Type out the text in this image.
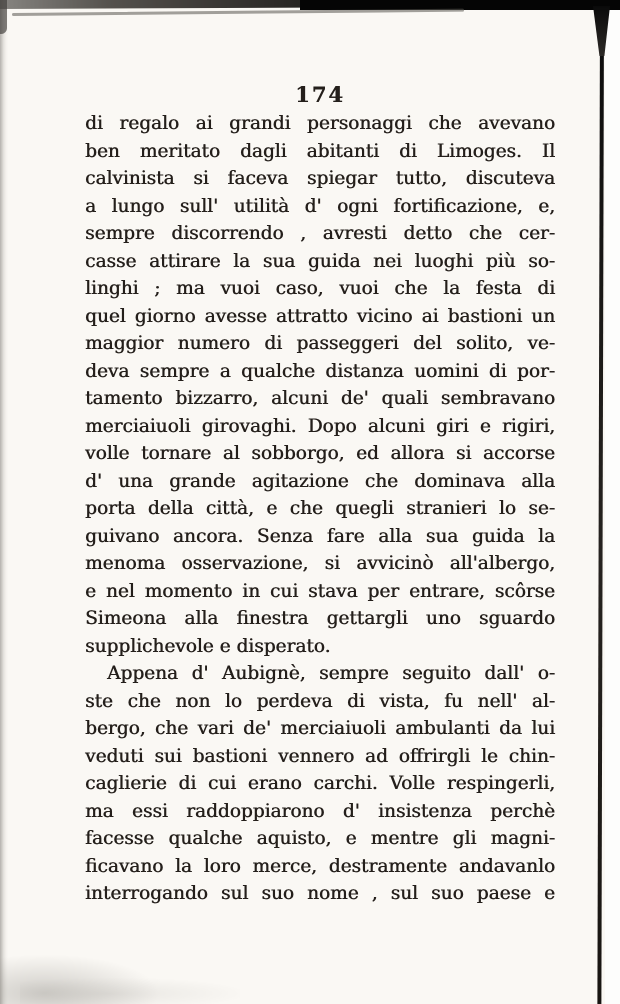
174
di regalo ai grandi personaggi che avevano
ben meritato dagli abitanti di Limoges. Il
calvinista si faceva spiegar tutto, discuteva
a lungo sull' utilità d' ogni fortificazione, e,
sempre discorrendo , avresti detto che cer-
casse attirare la sua guida nei luoghi più so-
linghi ; ma vuoi caso, vuoi che la festa di
quel giorno avesse attratto vicino ai bastioni un
maggior numero di passeggeri del solito, ve-
deva sempre a qualche distanza uomini di por-
tamento bizzarro, alcuni de' quali sembravano
merciaiuoli girovaghi. Dopo alcuni giri e rigiri,
volle tornare al sobborgo, ed allora si accorse
d' una grande agitazione che dominava alla
porta della città, e che quegli stranieri lo se-
guivano ancora. Senza fare alla sua guida la
menoma osservazione, si avvicinò all'albergo,
e nel momento in cui stava per entrare, scôrse
Simeona alla finestra gettargli uno sguardo
supplichevole e disperato.
Appena d' Aubignè, sempre seguito dall' o-
ste che non lo perdeva di vista, fu nell' al-
bergo, che vari de' merciaiuoli ambulanti da lui
veduti sui bastioni vennero ad offrirgli le chin-
caglierie di cui erano carchi. Volle respingerli,
ma essi raddoppiarono d' insistenza perchè
facesse qualche aquisto, e mentre gli magni-
ficavano la loro merce, destramente andavanlo
interrogando sul suo nome , sul suo paese e
